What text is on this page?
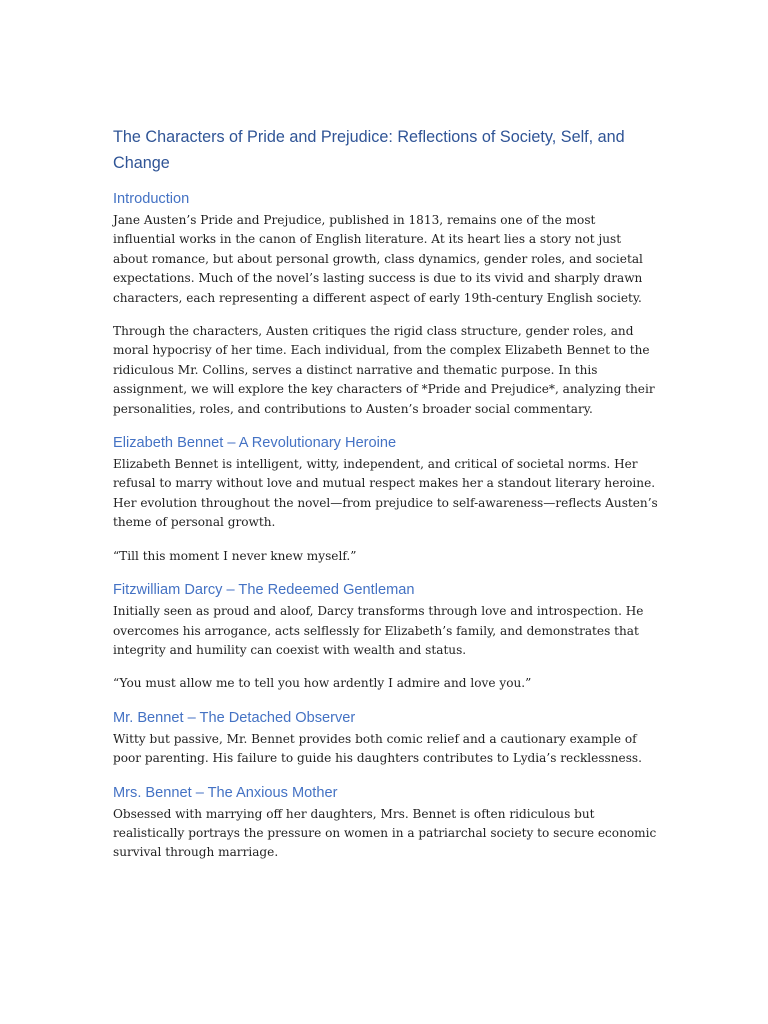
The Characters of Pride and Prejudice: Reflections of Society, Self, and Change
Introduction

Jane Austen’s Pride and Prejudice, published in 1813, remains one of the most influential works in the canon of English literature. At its heart lies a story not just about romance, but about personal growth, class dynamics, gender roles, and societal expectations. Much of the novel’s lasting success is due to its vivid and sharply drawn characters, each representing a different aspect of early 19th-century English society.

Through the characters, Austen critiques the rigid class structure, gender roles, and moral hypocrisy of her time. Each individual, from the complex Elizabeth Bennet to the ridiculous Mr. Collins, serves a distinct narrative and thematic purpose. In this assignment, we will explore the key characters of *Pride and Prejudice*, analyzing their personalities, roles, and contributions to Austen’s broader social commentary.

Elizabeth Bennet – A Revolutionary Heroine

Elizabeth Bennet is intelligent, witty, independent, and critical of societal norms. Her refusal to marry without love and mutual respect makes her a standout literary heroine. Her evolution throughout the novel—from prejudice to self-awareness—reflects Austen’s theme of personal growth.

“Till this moment I never knew myself.”

Fitzwilliam Darcy – The Redeemed Gentleman

Initially seen as proud and aloof, Darcy transforms through love and introspection. He overcomes his arrogance, acts selflessly for Elizabeth’s family, and demonstrates that integrity and humility can coexist with wealth and status.

“You must allow me to tell you how ardently I admire and love you.”

Mr. Bennet – The Detached Observer

Witty but passive, Mr. Bennet provides both comic relief and a cautionary example of poor parenting. His failure to guide his daughters contributes to Lydia’s recklessness.

Mrs. Bennet – The Anxious Mother

Obsessed with marrying off her daughters, Mrs. Bennet is often ridiculous but realistically portrays the pressure on women in a patriarchal society to secure economic survival through marriage.
